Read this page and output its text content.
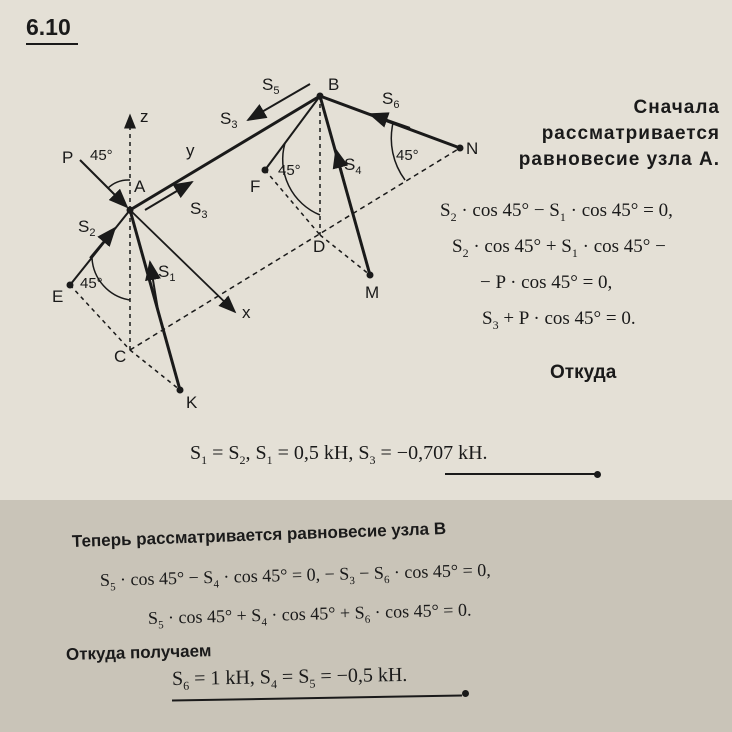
6.10
z
y
x
P 45°
A
B
N
F
D
M
E
C
K
45°
45°
45°
$S_5$
$S_3$
$S_6$
$S_4$
$S_3$
$S_2$
$S_1$
Сначала
рассматривается
равновесие узла А.
$S_2 \cdot \cos 45^\circ - S_1 \cdot \cos 45^\circ = 0$,
$S_2 \cdot \cos 45^\circ + S_1 \cdot \cos 45^\circ$ −
− P · cos 45° = 0,
$S_3 + P \cdot \cos 45^\circ = 0$.
Откуда
$S_1 = S_2$, $S_1 = 0,5$ kH, $S_3 = -0,707$ kH.
Теперь рассматривается равновесие узла В
$S_5 \cdot \cos 45^\circ - S_4 \cdot \cos 45^\circ = 0$, − $S_3 - S_6 \cdot \cos 45^\circ = 0$,
$S_5 \cdot \cos 45^\circ + S_4 \cdot \cos 45^\circ + S_6 \cdot \cos 45^\circ = 0$.
Откуда получаем
$S_6 = 1$ kH, $S_4 = S_5 = -0,5$ kH.
